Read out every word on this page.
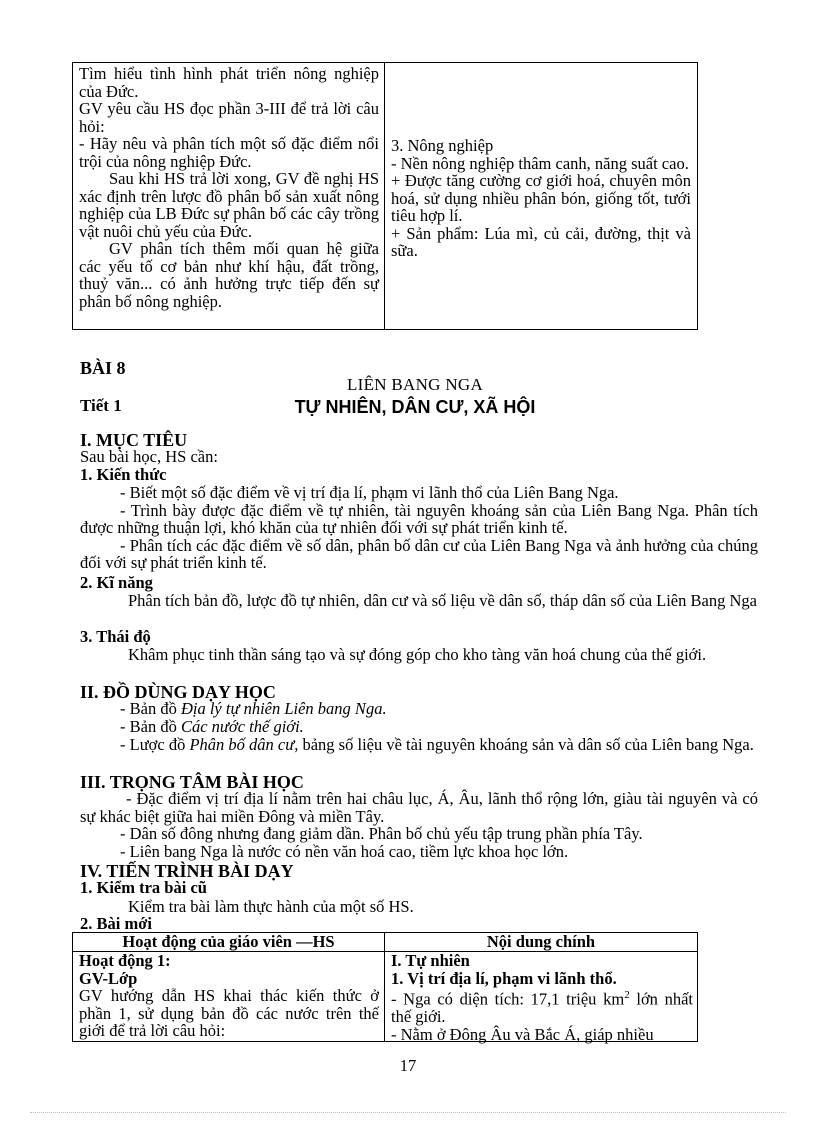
Tìm hiểu tình hình phát triển nông nghiệp của Đức.

GV yêu cầu HS đọc phần 3-III để trả lời câu hỏi:

- Hãy nêu và phân tích một số đặc điểm nổi trội của nông nghiệp Đức.

Sau khi HS trả lời xong, GV đề nghị HS xác định trên lược đồ phân bố sản xuất nông nghiệp của LB Đức sự phân bố các cây trồng vật nuôi chủ yếu của Đức.

GV phân tích thêm mối quan hệ giữa các yếu tố cơ bản như khí hậu, đất trồng, thuỷ văn... có ảnh hưởng trực tiếp đến sự phân bố nông nghiệp.

3. Nông nghiệp

- Nền nông nghiệp thâm canh, năng suất cao.

+ Được tăng cường cơ giới hoá, chuyên môn hoá, sử dụng nhiều phân bón, giống tốt, tưới tiêu hợp lí.

+ Sản phẩm: Lúa mì, củ cải, đường, thịt và sữa.

BÀI 8
LIÊN BANG NGA
Tiết 1	TỰ NHIÊN, DÂN CƯ, XÃ HỘI
I. MỤC TIÊU
Sau bài học, HS cần:
1. Kiến thức
- Biết một số đặc điểm về vị trí địa lí, phạm vi lãnh thổ của Liên Bang Nga.
- Trình bày được đặc điểm về tự nhiên, tài nguyên khoáng sản của Liên Bang Nga. Phân tích được những thuận lợi, khó khăn của tự nhiên đối với sự phát triển kinh tế.
- Phân tích các đặc điểm về số dân, phân bố dân cư của Liên Bang Nga và ảnh hưởng của chúng đối với sự phát triển kinh tế.
2. Kĩ năng
Phân tích bản đồ, lược đồ tự nhiên, dân cư và số liệu về dân số, tháp dân số của Liên Bang Nga
3. Thái độ
Khâm phục tinh thần sáng tạo và sự đóng góp cho kho tàng văn hoá chung của thế giới.
II. ĐỒ DÙNG DẠY HỌC
- Bản đồ Địa lý tự nhiên Liên bang Nga.
- Bản đồ Các nước thế giới.
- Lược đồ Phân bố dân cư, bảng số liệu về tài nguyên khoáng sản và dân số của Liên bang Nga.
III. TRỌNG TÂM BÀI HỌC
- Đặc điểm vị trí địa lí nằm trên hai châu lục, Á, Âu, lãnh thổ rộng lớn, giàu tài nguyên và có sự khác biệt giữa hai miền Đông và miền Tây.
- Dân số đông nhưng đang giảm dần. Phân bố chủ yếu tập trung phần phía Tây.
- Liên bang Nga là nước có nền văn hoá cao, tiềm lực khoa học lớn.
IV. TIẾN TRÌNH BÀI DẠY
1. Kiểm tra bài cũ
Kiểm tra bài làm thực hành của một số HS.
2. Bài mới
Hoạt động của giáo viên —HS	Nội dung chính

Hoạt động 1:

GV-Lớp

GV hướng dẫn HS khai thác kiến thức ở phần 1, sử dụng bản đồ các nước trên thế giới để trả lời câu hỏi:

I. Tự nhiên

1. Vị trí địa lí, phạm vi lãnh thổ.

- Nga có diện tích: 17,1 triệu $km^2$ lớn nhất thế giới.

- Nằm ở Đông Âu và Bắc Á, giáp nhiều

17
